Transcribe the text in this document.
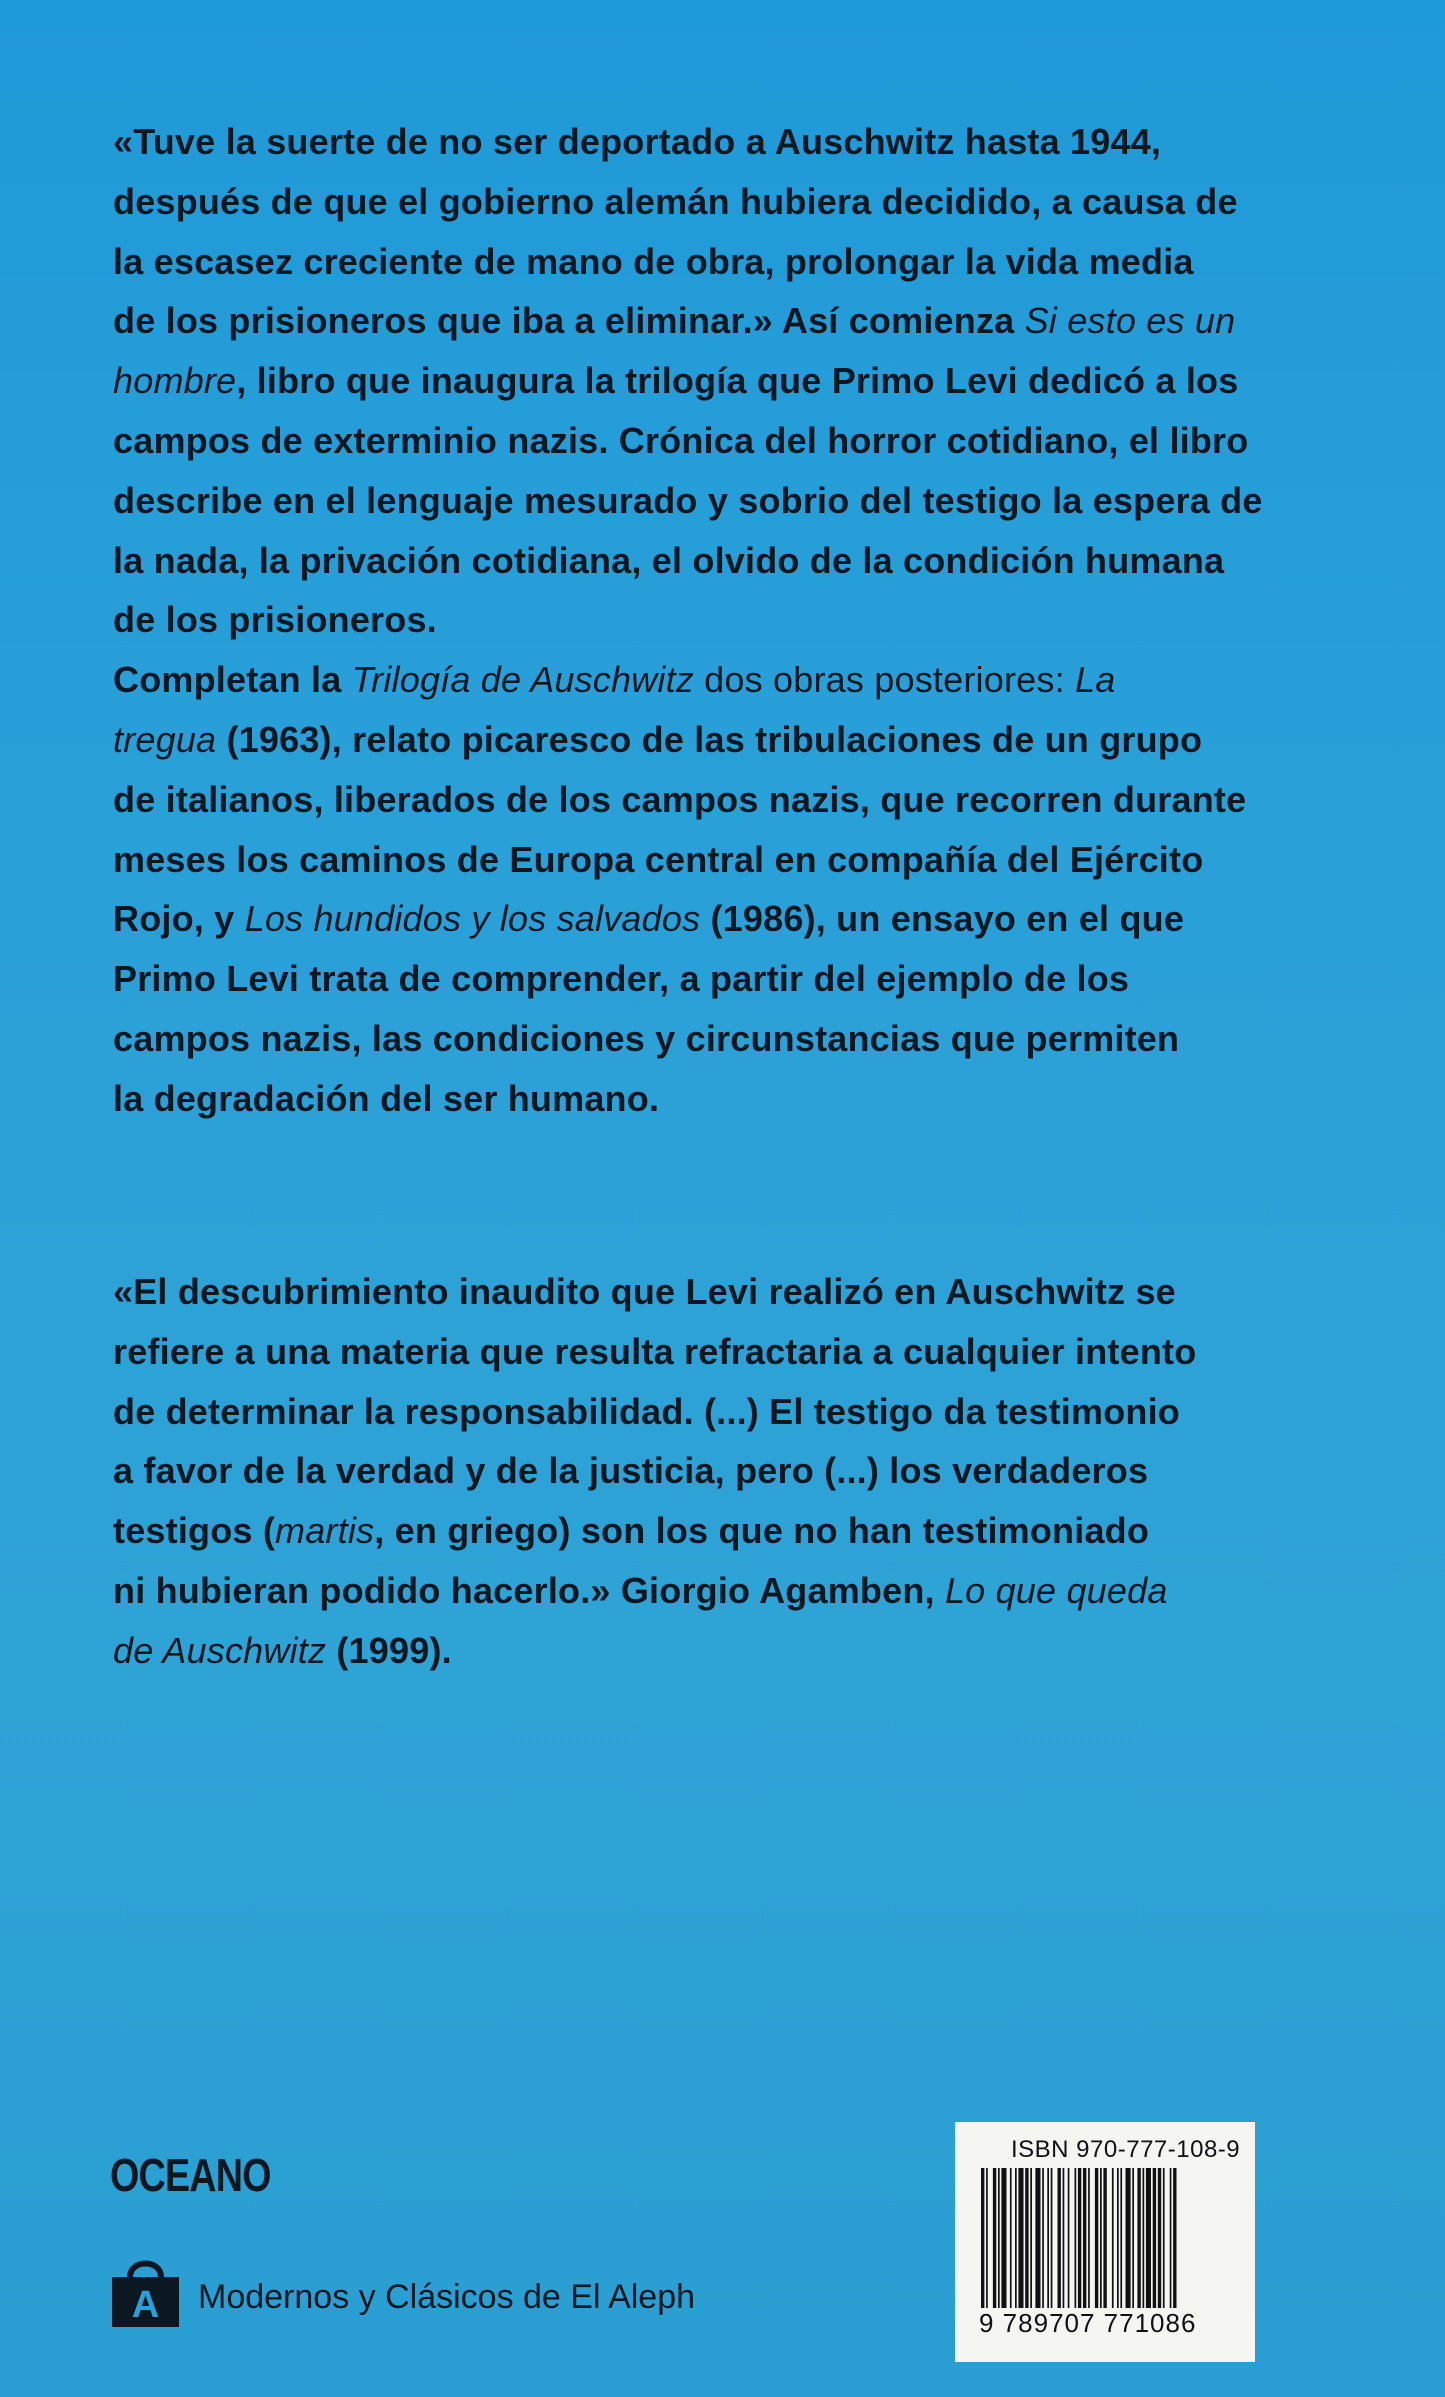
«Tuve la suerte de no ser deportado a Auschwitz hasta 1944,
después de que el gobierno alemán hubiera decidido, a causa de
la escasez creciente de mano de obra, prolongar la vida media
de los prisioneros que iba a eliminar.» Así comienza Si esto es un
hombre, libro que inaugura la trilogía que Primo Levi dedicó a los
campos de exterminio nazis. Crónica del horror cotidiano, el libro
describe en el lenguaje mesurado y sobrio del testigo la espera de
la nada, la privación cotidiana, el olvido de la condición humana
de los prisioneros.
Completan la Trilogía de Auschwitz dos obras posteriores: La
tregua (1963), relato picaresco de las tribulaciones de un grupo
de italianos, liberados de los campos nazis, que recorren durante
meses los caminos de Europa central en compañía del Ejército
Rojo, y Los hundidos y los salvados (1986), un ensayo en el que
Primo Levi trata de comprender, a partir del ejemplo de los
campos nazis, las condiciones y circunstancias que permiten
la degradación del ser humano.
«El descubrimiento inaudito que Levi realizó en Auschwitz se
refiere a una materia que resulta refractaria a cualquier intento
de determinar la responsabilidad. (...) El testigo da testimonio
a favor de la verdad y de la justicia, pero (...) los verdaderos
testigos (martis, en griego) son los que no han testimoniado
ni hubieran podido hacerlo.» Giorgio Agamben, Lo que queda
de Auschwitz (1999).
OCEANO
A Modernos y Clásicos de El Aleph
ISBN 970-777-108-9
9 789707 771086
